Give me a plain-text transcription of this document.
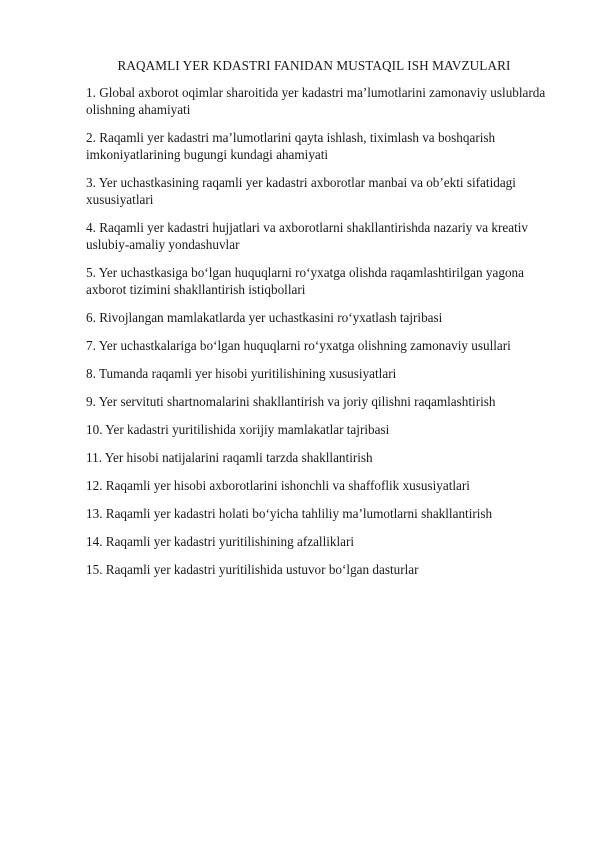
RAQAMLI YER KDASTRI FANIDAN MUSTAQIL ISH MAVZULARI
1. Global axborot oqimlar sharoitida yer kadastri ma’lumotlarini zamonaviy uslublarda olishning ahamiyati
2. Raqamli yer kadastri ma’lumotlarini qayta ishlash, tiximlash va boshqarish imkoniyatlarining bugungi kundagi ahamiyati
3. Yer uchastkasining raqamli yer kadastri axborotlar manbai va ob’ekti sifatidagi xususiyatlari
4. Raqamli yer kadastri hujjatlari va axborotlarni shakllantirishda nazariy va kreativ uslubiy-amaliy yondashuvlar
5. Yer uchastkasiga bo‘lgan huquqlarni ro‘yxatga olishda raqamlashtirilgan yagona axborot tizimini shakllantirish istiqbollari
6. Rivojlangan mamlakatlarda yer uchastkasini ro‘yxatlash tajribasi
7. Yer uchastkalariga bo‘lgan huquqlarni ro‘yxatga olishning zamonaviy usullari
8. Tumanda raqamli yer hisobi yuritilishining xususiyatlari
9. Yer servituti shartnomalarini shakllantirish va joriy qilishni raqamlashtirish
10. Yer kadastri yuritilishida xorijiy mamlakatlar tajribasi
11. Yer hisobi natijalarini raqamli tarzda shakllantirish
12. Raqamli yer hisobi axborotlarini ishonchli va shaffoflik xususiyatlari
13. Raqamli yer kadastri holati bo‘yicha tahliliy ma’lumotlarni shakllantirish
14. Raqamli yer kadastri yuritilishining afzalliklari
15. Raqamli yer kadastri yuritilishida ustuvor bo‘lgan dasturlar
